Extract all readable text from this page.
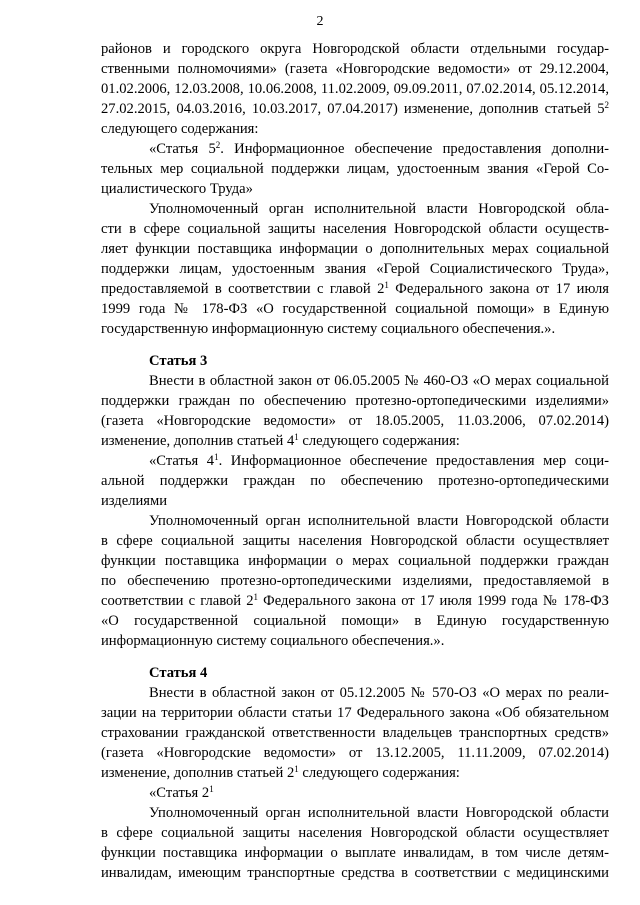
2
районов и городского округа Новгородской области отдельными государ-
ственными полномочиями» (газета «Новгородские ведомости» от 29.12.2004,
01.02.2006, 12.03.2008, 10.06.2008, 11.02.2009, 09.09.2011, 07.02.2014, 05.12.2014,
27.02.2015, 04.03.2016, 10.03.2017, 07.04.2017) изменение, дополнив статьей $5^2$
следующего содержания:
«Статья $5^2$. Информационное обеспечение предоставления дополни-
тельных мер социальной поддержки лицам, удостоенным звания «Герой Со-
циалистического Труда»
Уполномоченный орган исполнительной власти Новгородской обла-
сти в сфере социальной защиты населения Новгородской области осуществ-
ляет функции поставщика информации о дополнительных мерах социальной
поддержки лицам, удостоенным звания «Герой Социалистического Труда»,
предоставляемой в соответствии с главой $2^1$ Федерального закона от 17 июля
1999 года № 178-ФЗ «О государственной социальной помощи» в Единую
государственную информационную систему социального обеспечения.».
Статья 3
Внести в областной закон от 06.05.2005 № 460-ОЗ «О мерах социальной
поддержки граждан по обеспечению протезно-ортопедическими изделиями»
(газета «Новгородские ведомости» от 18.05.2005, 11.03.2006, 07.02.2014)
изменение, дополнив статьей $4^1$ следующего содержания:
«Статья $4^1$. Информационное обеспечение предоставления мер соци-
альной поддержки граждан по обеспечению протезно-ортопедическими
изделиями
Уполномоченный орган исполнительной власти Новгородской области
в сфере социальной защиты населения Новгородской области осуществляет
функции поставщика информации о мерах социальной поддержки граждан
по обеспечению протезно-ортопедическими изделиями, предоставляемой в
соответствии с главой $2^1$ Федерального закона от 17 июля 1999 года № 178-ФЗ
«О государственной социальной помощи» в Единую государственную
информационную систему социального обеспечения.».
Статья 4
Внести в областной закон от 05.12.2005 № 570-ОЗ «О мерах по реали-
зации на территории области статьи 17 Федерального закона «Об обязательном
страховании гражданской ответственности владельцев транспортных средств»
(газета «Новгородские ведомости» от 13.12.2005, 11.11.2009, 07.02.2014)
изменение, дополнив статьей $2^1$ следующего содержания:
«Статья $2^1$
Уполномоченный орган исполнительной власти Новгородской области
в сфере социальной защиты населения Новгородской области осуществляет
функции поставщика информации о выплате инвалидам, в том числе детям-
инвалидам, имеющим транспортные средства в соответствии с медицинскими
